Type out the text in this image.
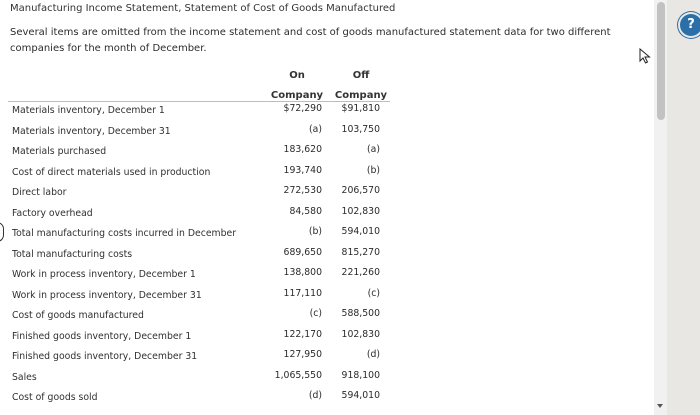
Manufacturing Income Statement, Statement of Cost of Goods Manufactured
Several items are omitted from the income statement and cost of goods manufactured statement data for two different companies for the month of December.
On
Company
Off
Company
Materials inventory, December 1	$72,290 $91,810
Materials inventory, December 31	(a) 103,750
Materials purchased	183,620	(a)
Cost of direct materials used in production	193,740	(b)
Direct labor	272,530 206,570
Factory overhead	84,580 102,830
Total manufacturing costs incurred in December	(b) 594,010
Total manufacturing costs	689,650 815,270
Work in process inventory, December 1	138,800 221,260
Work in process inventory, December 31	117,110	(c)
Cost of goods manufactured	(c) 588,500
Finished goods inventory, December 1	122,170 102,830
Finished goods inventory, December 31	127,950	(d)
Sales	1,065,550 918,100
Cost of goods sold	(d) 594,010
?
